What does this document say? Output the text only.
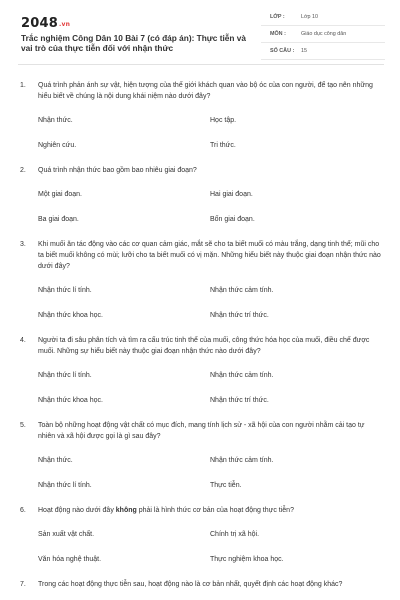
$2048^{.vn}$
Trắc nghiệm Công Dân 10 Bài 7 (có đáp án): Thực tiễn và vai trò của thực tiễn đối với nhận thức
LỚP :	Lớp 10
MÔN :	Giáo dục công dân
SỐ CÂU : 15

1. Quá trình phản ánh sự vật, hiện tượng của thế giới khách quan vào bộ óc của con người, để tạo nên những hiểu biết về chúng là nội dung khái niệm nào dưới đây?

Nhận thức.	Học tập.
Nghiên cứu.	Tri thức.

2. Quá trình nhận thức bao gồm bao nhiêu giai đoạn?

Một giai đoạn.	Hai giai đoạn.
Ba giai đoạn.	Bốn giai đoạn.

3. Khi muối ăn tác động vào các cơ quan cảm giác, mắt sẽ cho ta biết muối có màu trắng, dạng tinh thể; mũi cho ta biết muối không có mùi; lưỡi cho ta biết muối có vị mặn. Những hiểu biết này thuộc giai đoạn nhận thức nào dưới đây?

Nhận thức lí tính.	Nhận thức cảm tính.
Nhận thức khoa học.	Nhận thức trí thức.

4. Người ta đi sâu phân tích và tìm ra cấu trúc tinh thể của muối, công thức hóa học của muối, điều chế được muối. Những sự hiểu biết này thuộc giai đoạn nhận thức nào dưới đây?

Nhận thức lí tính.	Nhận thức cảm tính.
Nhận thức khoa học.	Nhận thức trí thức.

5. Toàn bộ những hoạt động vật chất có mục đích, mang tính lịch sử - xã hội của con người nhằm cải tạo tự nhiên và xã hội được gọi là gì sau đây?

Nhận thức.	Nhận thức cảm tính.
Nhận thức lí tính.	Thực tiễn.

6. Hoạt động nào dưới đây không phải là hình thức cơ bản của hoạt động thực tiễn?

Sản xuất vật chất.	Chính trị xã hội.
Văn hóa nghệ thuật.	Thực nghiệm khoa học.

7. Trong các hoạt động thực tiễn sau, hoạt động nào là cơ bản nhất, quyết định các hoạt động khác?
